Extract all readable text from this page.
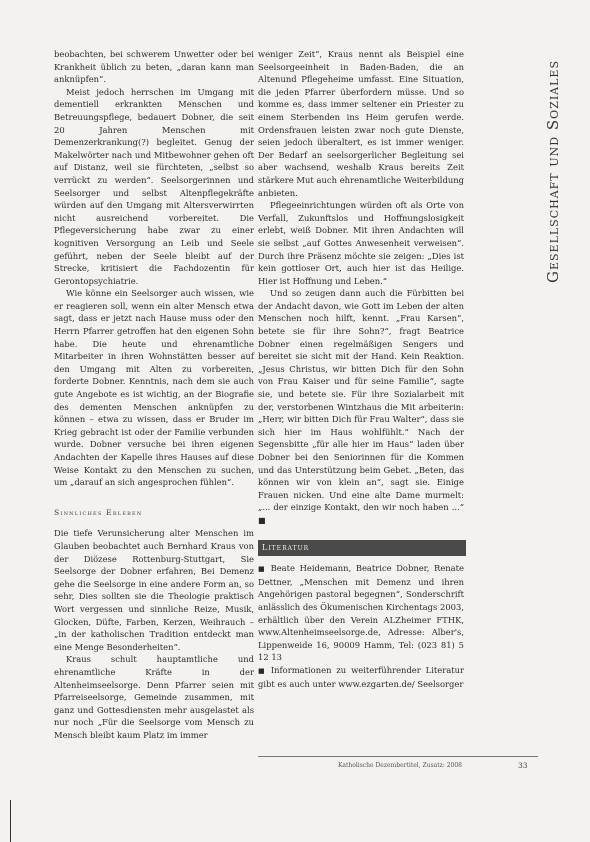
beobachten, bei schwerem Unwetter oder bei Krankheit üblich zu beten, „daran kann man anknüpfen“.

Meist jedoch herrschen im Umgang mit dementiell erkrankten Menschen und Betreuungspflege, bedauert Dobner, die seit 20 Jahren Menschen mit Demenzerkrankung(?) begleitet. Genug der Makelwörter nach und Mitbewohner gehen oft auf Distanz, weil sie fürchteten, „selbst so verrückt zu werden“. Seelsorgerinnen und Seelsorger und selbst Altenpflegekräfte würden auf den Umgang mit Altersverwirrten nicht ausreichend vorbereitet. Die Pflegeversicherung habe zwar zu einer kognitiven Versorgung an Leib und Seele geführt, neben der Seele bleibt auf der Strecke, kritisiert die Fachdozentin für Gerontopsychiatrie.

Wie könne ein Seelsorger auch wissen, wie er reagieren soll, wenn ein alter Mensch etwa sagt, dass er jetzt nach Hause muss oder den Herrn Pfarrer getroffen hat den eigenen Sohn habe. Die heute und ehrenamtliche Mitarbeiter in ihren Wohnstätten besser auf den Umgang mit Alten zu vorbereiten, forderte Dobner. Kenntnis, nach dem sie auch gute Angebote es ist wichtig, an der Biografie des dementen Menschen anknüpfen zu können – etwa zu wissen, dass er Bruder im Krieg gebracht ist oder der Familie verbunden wurde. Dobner versuche bei ihren eigenen Andachten der Kapelle ihres Hauses auf diese Weise Kontakt zu den Menschen zu suchen, um „darauf an sich angesprochen fühlen“.

Sinnliches Erleben

Die tiefe Verunsicherung alter Menschen im Glauben beobachtet auch Bernhard Kraus von der Diözese Rottenburg-Stuttgart, Sie Seelsorge der Dobner erfahren, Bei Demenz gehe die Seelsorge in eine andere Form an, so sehr, Dies sollten sie die Theologie praktisch Wort vergessen und sinnliche Reize, Musik, Glocken, Düfte, Farben, Kerzen, Weihrauch – „in der katholischen Tradition entdeckt man eine Menge Besonderheiten“.

Kraus schult hauptamtliche und ehrenamtliche Kräfte in der Altenheimseelsorge. Denn Pfarrer seien mit Pfarreiseelsorge, Gemeinde zusammen, mit ganz und Gottesdiensten mehr ausgelastet als nur noch „Für die Seelsorge vom Mensch zu Mensch bleibt kaum Platz im immer

weniger Zeit“, Kraus nennt als Beispiel eine Seelsorgeeinheit in Baden-Baden, die an Altenund Pflegeheime umfasst. Eine Situation, die jeden Pfarrer überfordern müsse. Und so komme es, dass immer seltener ein Priester zu einem Sterbenden ins Heim gerufen werde. Ordensfrauen leisten zwar noch gute Dienste, seien jedoch überaltert, es ist immer weniger. Der Bedarf an seelsorgerlicher Begleitung sei aber wachsend, weshalb Kraus bereits Zeit stärkere Mut auch ehrenamtliche Weiterbildung anbieten.

Pflegeeinrichtungen würden oft als Orte von Verfall, Zukunftslos und Hoffnungslosigkeit erlebt, weiß Dobner. Mit ihren Andachten will sie selbst „auf Gottes Anwesenheit verweisen“. Durch ihre Präsenz möchte sie zeigen: „Dies ist kein gottloser Ort, auch hier ist das Heilige. Hier ist Hoffnung und Leben.“

Und so zeugen dann auch die Fürbitten bei der Andacht davon, wie Gott im Leben der alten Menschen noch hilft, kennt. „Frau Karsen“, betete sie für ihre Sohn?“, fragt Beatrice Dobner einen regelmäßigen Sengers und bereitet sie sicht mit der Hand. Kein Reaktion. „Jesus Christus, wir bitten Dich für den Sohn von Frau Kaiser und für seine Familie“, sagte sie, und betete sie. Für ihre Sozialarbeit mit der, verstorbenen Wintzhaus die Mit arbeiterin: „Herr, wir bitten Dich für Frau Walter“, dass sie sich hier im Haus wohlfühlt.“ Nach der Segensbitte „für alle hier im Haus“ laden über Dobner bei den Seniorinnen für die Kommen und das Unterstützung beim Gebet. „Beten, das können wir von klein an“, sagt sie. Einige Frauen nicken. Und eine alte Dame murmelt: „... der einzige Kontakt, den wir noch haben ...“ ■

Literatur

■ Beate Heidemann, Beatrice Dobner, Renate Dettner, „Menschen mit Demenz und ihren Angehörigen pastoral begegnen“, Sonderschrift anlässlich des Ökumenischen Kirchentags 2003, erhältlich über den Verein ALZheimer FTHK, www.Altenheimseelsorge.de, Adresse: Alber's, Lippenweide 16, 90009 Hamm, Tel: (023 81) 5 12 13

■ Informationen zu weiterführender Literatur gibt es auch unter www.ezgarten.de/ Seelsorger

Gesellschaft und Soziales
Katholische Dezembertitel, Zusatz: 2008	33
